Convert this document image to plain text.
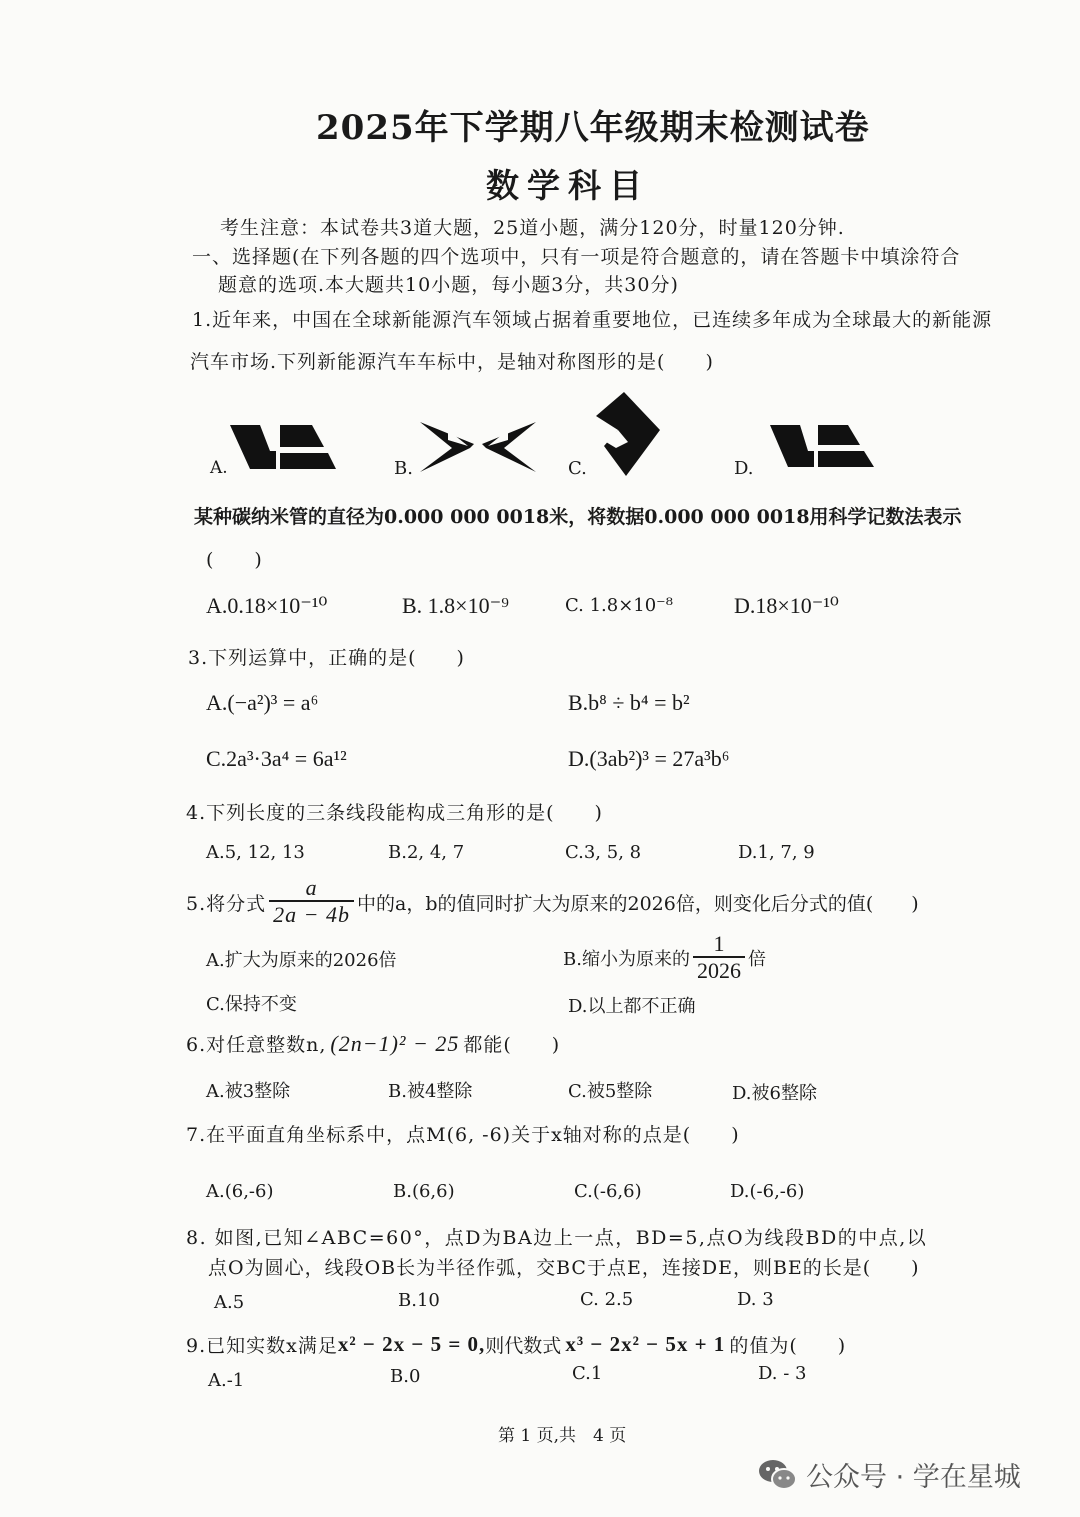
2025年下学期八年级期末检测试卷
数学科目
考生注意：本试卷共3道大题，25道小题，满分120分，时量120分钟.
一、选择题(在下列各题的四个选项中，只有一项是符合题意的，请在答题卡中填涂符合
题意的选项.本大题共10小题，每小题3分，共30分)
1.近年来，中国在全球新能源汽车领域占据着重要地位，已连续多年成为全球最大的新能源
汽车市场.下列新能源汽车车标中，是轴对称图形的是(　　)
A.	B.	C.	D.
某种碳纳米管的直径为0.000 000 0018米，将数据0.000 000 0018用科学记数法表示
(　　)
A.0.18×10⁻¹⁰	B. 1.8×10⁻⁹	C. 1.8×10⁻⁸	D.18×10⁻¹⁰
3.下列运算中，正确的是(　　)
A.(−a²)³ = a⁶	B.b⁸ ÷ b⁴ = b²
C.2a³·3a⁴ = 6a¹²	D.(3ab²)³ = 27a³b⁶
4.下列长度的三条线段能构成三角形的是(　　)
A.5, 12, 13	B.2, 4, 7	C.3, 5, 8	D.1, 7, 9
5.将分式 $\frac{a}{2a - 4b}$ 中的a，b的值同时扩大为原来的2026倍，则变化后分式的值(　　)
A.扩大为原来的2026倍	B.缩小为原来的 $\frac{1}{2026}$ 倍
C.保持不变	D.以上都不正确
6.对任意整数n, (2n−1)² − 25 都能(　　)
A.被3整除	B.被4整除	C.被5整除	D.被6整除
7.在平面直角坐标系中，点M(6, -6)关于x轴对称的点是(　　)
A.(6,-6)	B.(6,6)	C.(-6,6)	D.(-6,-6)
8. 如图,已知∠ABC=60°，点D为BA边上一点，BD=5,点O为线段BD的中点,以
点O为圆心，线段OB长为半径作弧，交BC于点E，连接DE，则BE的长是(　　)
A.5	B.10	C. 2.5	D. 3
9.已知实数x满足 x² − 2x − 5 = 0, 则代数式 x³ − 2x² − 5x + 1 的值为(　　)
A.-1	B.0	C.1	D. - 3
第 1 页,共　4 页
公众号 · 学在星城
